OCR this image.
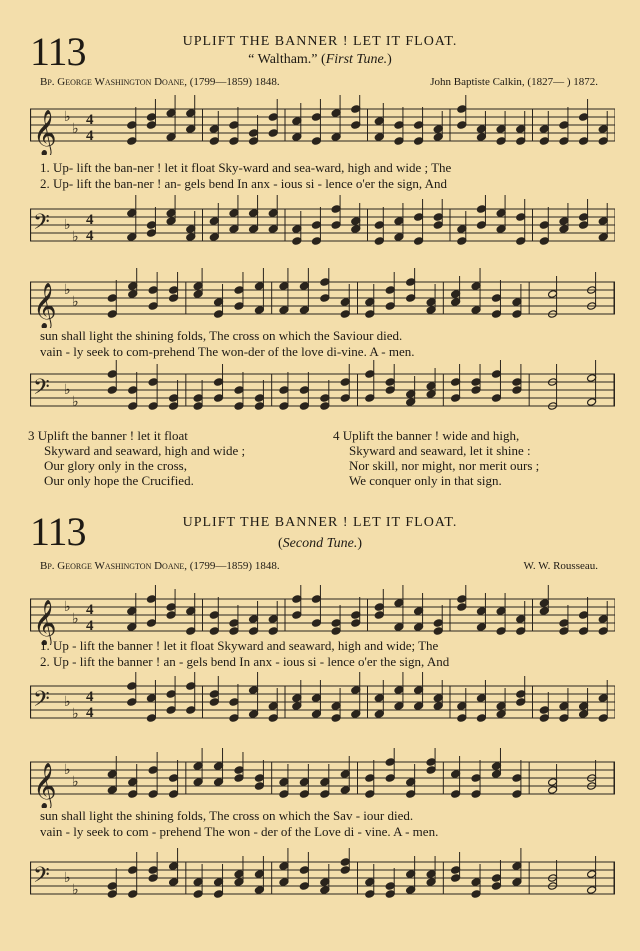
113	UPLIFT THE BANNER ! LET IT FLOAT.
“ Waltham.” (First Tune.)
Bp. George Washington Doane, (1799—1859) 1848.	John Baptiste Calkin, (1827— ) 1872.
𝄞 ♭
♭
4
4
1. Up- lift the ban-ner ! let it float Sky-ward and sea-ward, high and wide ; The
2. Up- lift the ban-ner ! an- gels bend In anx - ious si - lence o'er the sign, And
𝄢 ♭
♭
4
4
𝄞 ♭
♭
sun shall light the shining folds, The cross on which the Saviour died.
vain - ly seek to com-prehend The won-der of the love di-vine. A - men.
𝄢 ♭
♭
3 Uplift the banner ! let it float
Skyward and seaward, high and wide ;
Our glory only in the cross,
Our only hope the Crucified.
4 Uplift the banner ! wide and high,
Skyward and seaward, let it shine :
Nor skill, nor might, nor merit ours ;
We conquer only in that sign.
113	UPLIFT THE BANNER ! LET IT FLOAT.
(Second Tune.)
Bp. George Washington Doane, (1799—1859) 1848.	W. W. Rousseau.
𝄞 ♭
♭
4
4
1. Up - lift the banner ! let it float Skyward and seaward, high and wide; The
2. Up - lift the banner ! an - gels bend In anx - ious si - lence o'er the sign, And
𝄢 ♭
♭
4
4
𝄞 ♭
♭
sun shall light the shining folds, The cross on which the Sav - iour died.
vain - ly seek to com - prehend The won - der of the Love di - vine. A - men.
𝄢 ♭
♭
